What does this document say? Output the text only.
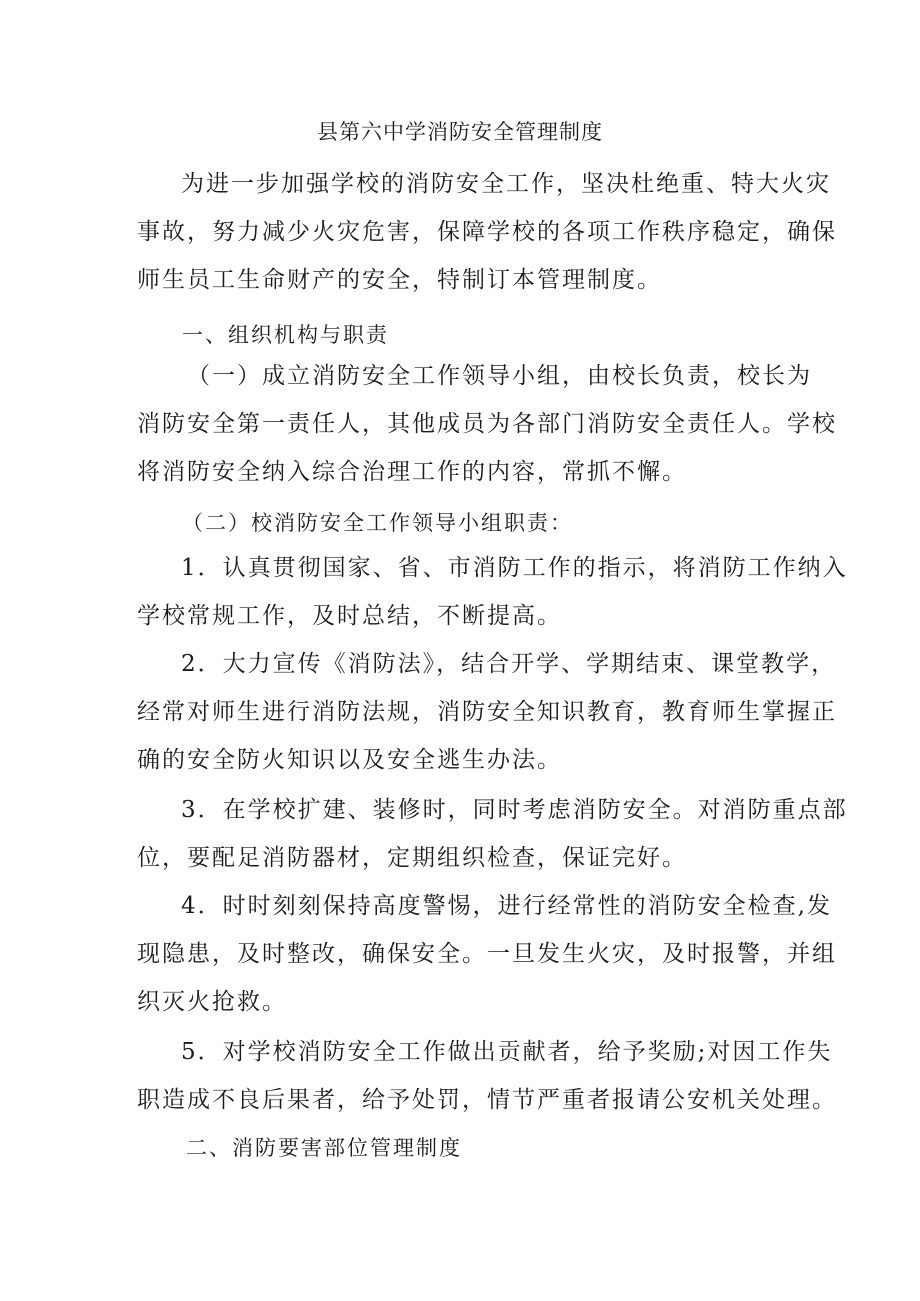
县第六中学消防安全管理制度
为进一步加强学校的消防安全工作，坚决杜绝重、特大火灾
事故，努力减少火灾危害，保障学校的各项工作秩序稳定，确保
师生员工生命财产的安全，特制订本管理制度。
一、组织机构与职责
（一）成立消防安全工作领导小组，由校长负责，校长为
消防安全第一责任人，其他成员为各部门消防安全责任人。学校
将消防安全纳入综合治理工作的内容，常抓不懈。
（二）校消防安全工作领导小组职责：
1．认真贯彻国家、省、市消防工作的指示，将消防工作纳入
学校常规工作，及时总结，不断提高。
2．大力宣传《消防法》，结合开学、学期结束、课堂教学，
经常对师生进行消防法规，消防安全知识教育，教育师生掌握正
确的安全防火知识以及安全逃生办法。
3．在学校扩建、装修时，同时考虑消防安全。对消防重点部
位，要配足消防器材，定期组织检查，保证完好。
4．时时刻刻保持高度警惕，进行经常性的消防安全检查,发
现隐患，及时整改，确保安全。一旦发生火灾，及时报警，并组
织灭火抢救。
5．对学校消防安全工作做出贡献者，给予奖励;对因工作失
职造成不良后果者，给予处罚，情节严重者报请公安机关处理。
二、消防要害部位管理制度
